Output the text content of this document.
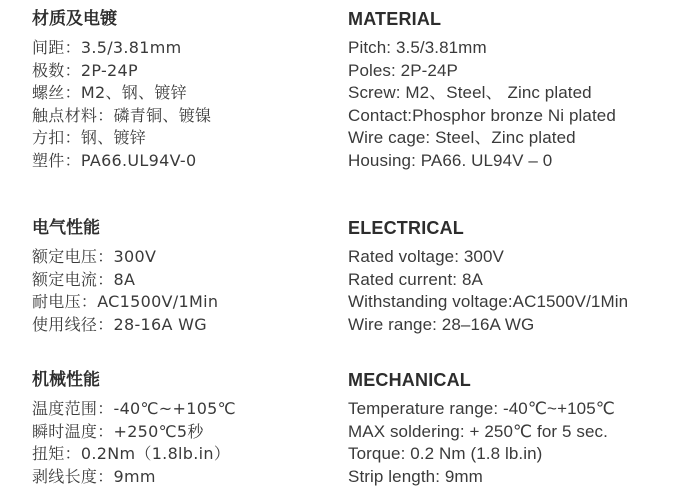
材质及电镀
间距：3.5/3.81mm
极数：2P-24P
螺丝：M2、钢、镀锌
触点材料：磷青铜、镀镍
方扣：钢、镀锌
塑件：PA66.UL94V-0
电气性能
额定电压：300V
额定电流：8A
耐电压：AC1500V/1Min
使用线径：28-16A WG
机械性能
温度范围：-40℃~+105℃
瞬时温度：+250℃5秒
扭矩：0.2Nm（1.8lb.in）
剥线长度：9mm
MATERIAL
Pitch: 3.5/3.81mm
Poles: 2P-24P
Screw: M2、Steel、 Zinc plated
Contact:Phosphor bronze Ni plated
Wire cage: Steel、Zinc plated
Housing: PA66. UL94V – 0
ELECTRICAL
Rated voltage: 300V
Rated current: 8A
Withstanding voltage:AC1500V/1Min
Wire range: 28–16A WG
MECHANICAL
Temperature range: -40℃~+105℃
MAX soldering: + 250℃ for 5 sec.
Torque: 0.2 Nm (1.8 lb.in)
Strip length: 9mm
